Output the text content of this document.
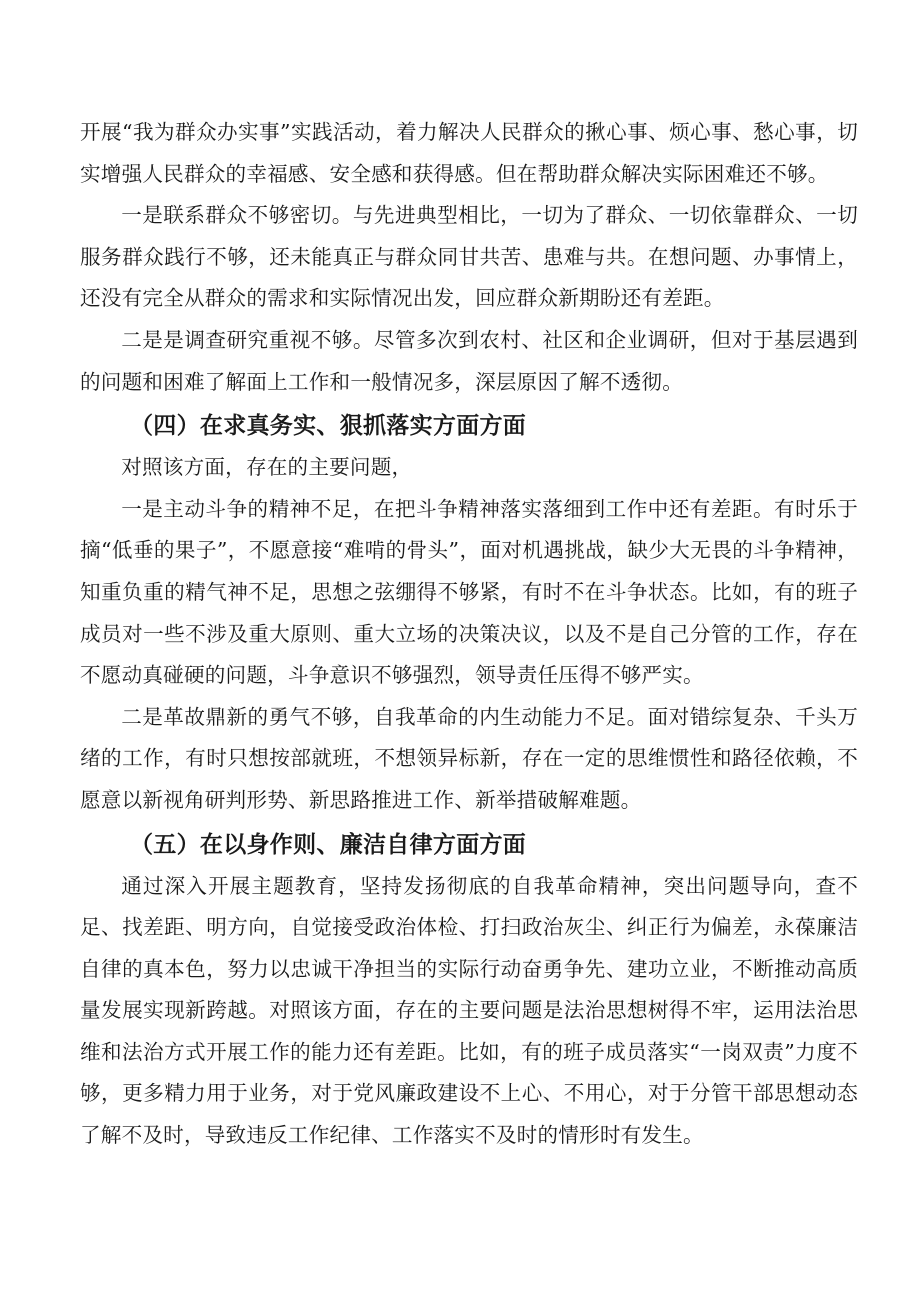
开展“我为群众办实事”实践活动，着力解决人民群众的揪心事、烦心事、愁心事，切实增强人民群众的幸福感、安全感和获得感。但在帮助群众解决实际困难还不够。

一是联系群众不够密切。与先进典型相比，一切为了群众、一切依靠群众、一切服务群众践行不够，还未能真正与群众同甘共苦、患难与共。在想问题、办事情上，还没有完全从群众的需求和实际情况出发，回应群众新期盼还有差距。

二是是调查研究重视不够。尽管多次到农村、社区和企业调研，但对于基层遇到的问题和困难了解面上工作和一般情况多，深层原因了解不透彻。

（四）在求真务实、狠抓落实方面方面

对照该方面，存在的主要问题，

一是主动斗争的精神不足，在把斗争精神落实落细到工作中还有差距。有时乐于摘“低垂的果子”，不愿意接“难啃的骨头”，面对机遇挑战，缺少大无畏的斗争精神，知重负重的精气神不足，思想之弦绷得不够紧，有时不在斗争状态。比如，有的班子成员对一些不涉及重大原则、重大立场的决策决议，以及不是自己分管的工作，存在不愿动真碰硬的问题，斗争意识不够强烈，领导责任压得不够严实。

二是革故鼎新的勇气不够，自我革命的内生动能力不足。面对错综复杂、千头万绪的工作，有时只想按部就班，不想领异标新，存在一定的思维惯性和路径依赖，不愿意以新视角研判形势、新思路推进工作、新举措破解难题。

（五）在以身作则、廉洁自律方面方面

通过深入开展主题教育，坚持发扬彻底的自我革命精神，突出问题导向，查不足、找差距、明方向，自觉接受政治体检、打扫政治灰尘、纠正行为偏差，永葆廉洁自律的真本色，努力以忠诚干净担当的实际行动奋勇争先、建功立业，不断推动高质量发展实现新跨越。对照该方面，存在的主要问题是法治思想树得不牢，运用法治思维和法治方式开展工作的能力还有差距。比如，有的班子成员落实“一岗双责”力度不够，更多精力用于业务，对于党风廉政建设不上心、不用心，对于分管干部思想动态了解不及时，导致违反工作纪律、工作落实不及时的情形时有发生。
